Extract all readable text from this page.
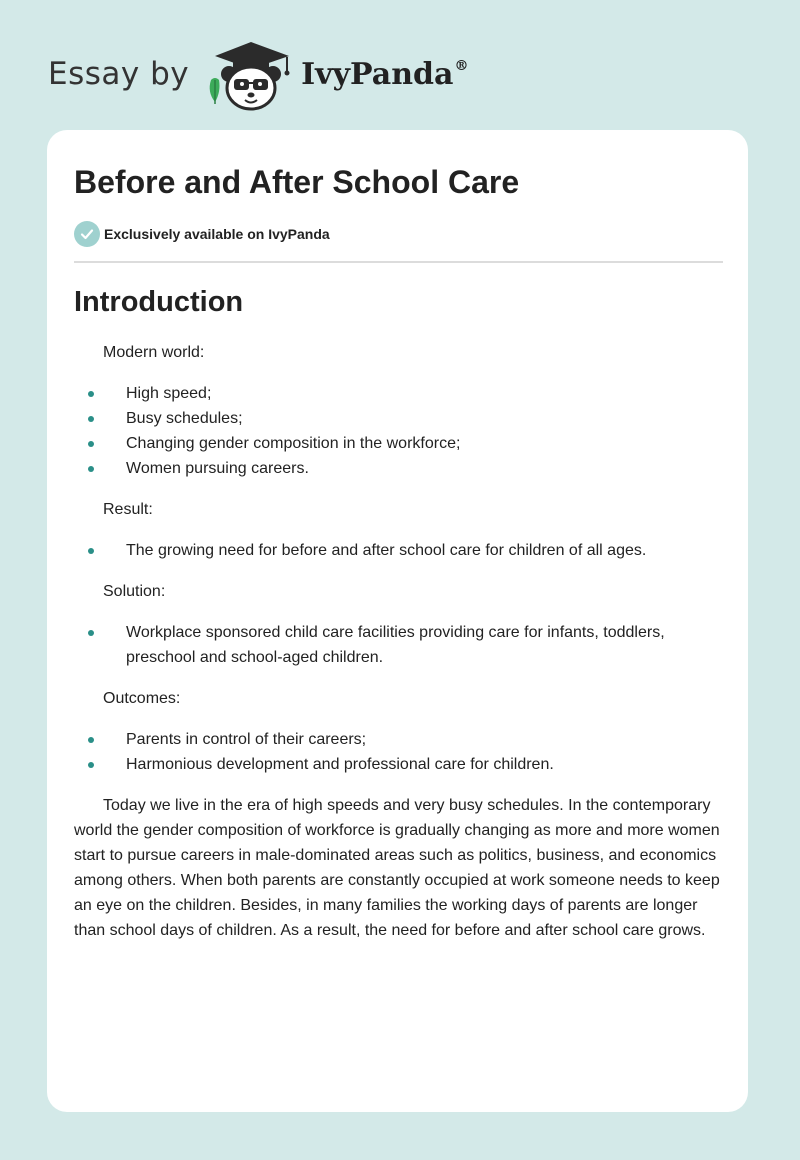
Essay by	IvyPanda®
Before and After School Care
Exclusively available on IvyPanda
Introduction

Modern world:

High speed;
Busy schedules;
Changing gender composition in the workforce;
Women pursuing careers.

Result:

The growing need for before and after school care for children of all ages.

Solution:

Workplace sponsored child care facilities providing care for infants, toddlers, preschool and school-aged children.

Outcomes:

Parents in control of their careers;
Harmonious development and professional care for children.

Today we live in the era of high speeds and very busy schedules. In the contemporary world the gender composition of workforce is gradually changing as more and more women start to pursue careers in male-dominated areas such as politics, business, and economics among others. When both parents are constantly occupied at work someone needs to keep an eye on the children. Besides, in many families the working days of parents are longer than school days of children. As a result, the need for before and after school care grows.
